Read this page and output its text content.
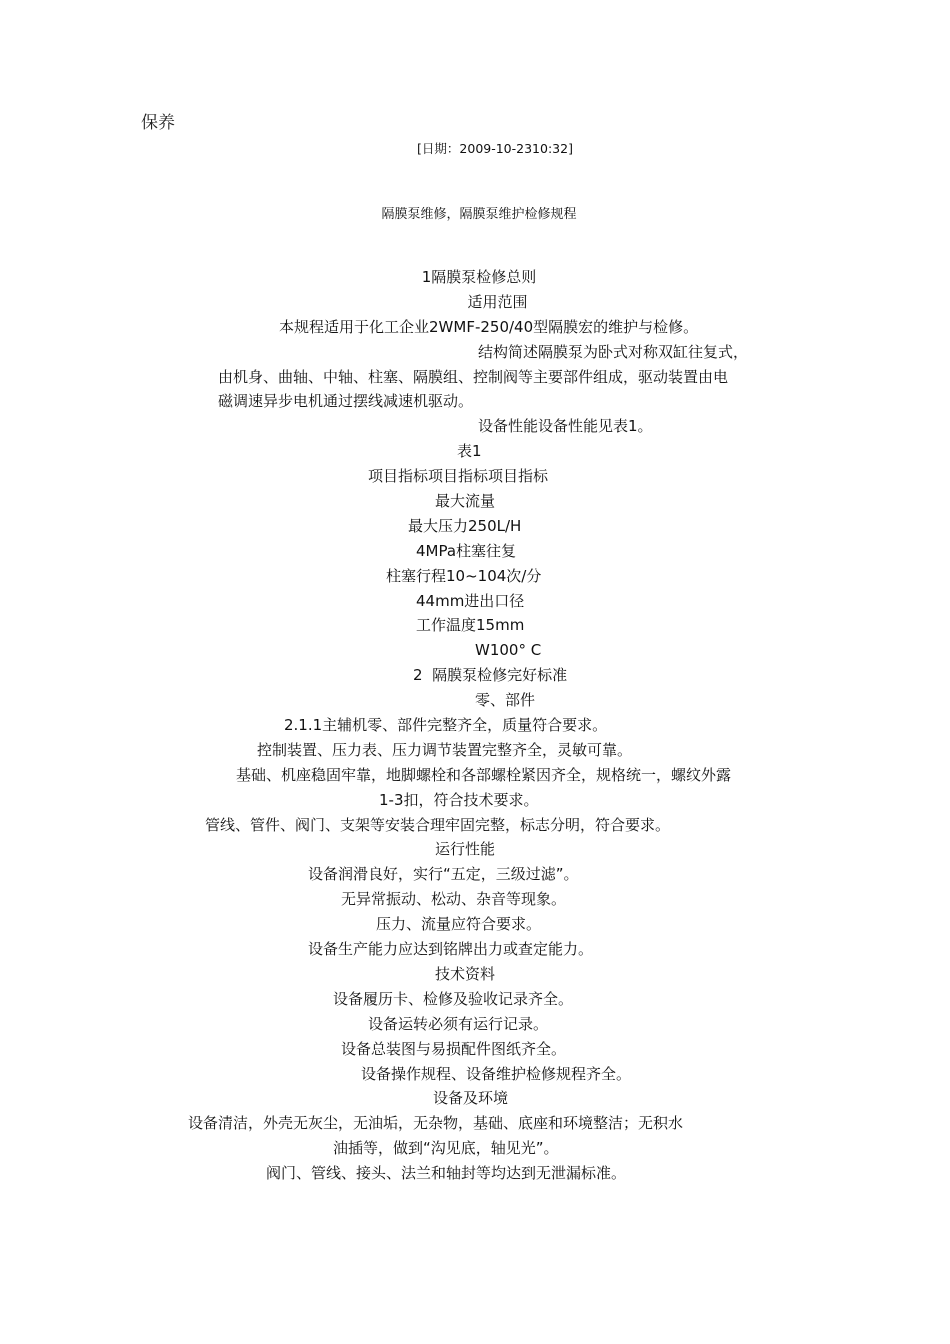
保养
[日期：2009-10-2310:32]
隔膜泵维修，隔膜泵维护检修规程
1隔膜泵检修总则
适用范围
本规程适用于化工企业2WMF-250/40型隔膜宏的维护与检修。
结构简述隔膜泵为卧式对称双缸往复式，
由机身、曲轴、中轴、柱塞、隔膜组、控制阀等主要部件组成，驱动装置由电
磁调速异步电机通过摆线减速机驱动。
设备性能设备性能见表1。
表1
项目指标项目指标项目指标
最大流量
最大压力250L/H
4MPa柱塞往复
柱塞行程10~104次/分
44mm进出口径
工作温度15mm
W100° C
2  隔膜泵检修完好标准
零、部件
2.1.1主辅机零、部件完整齐全，质量符合要求。
控制装置、压力表、压力调节装置完整齐全，灵敏可靠。
基础、机座稳固牢靠，地脚螺栓和各部螺栓紧因齐全，规格统一，螺纹外露
1-3扣，符合技术要求。
管线、管件、阀门、支架等安装合理牢固完整，标志分明，符合要求。
运行性能
设备润滑良好，实行“五定，三级过滤”。
无异常振动、松动、杂音等现象。
压力、流量应符合要求。
设备生产能力应达到铭牌出力或查定能力。
技术资料
设备履历卡、检修及验收记录齐全。
设备运转必须有运行记录。
设备总装图与易损配件图纸齐全。
设备操作规程、设备维护检修规程齐全。
设备及环境
设备清洁，外壳无灰尘，无油垢，无杂物，基础、底座和环境整洁；无积水
油插等，做到“沟见底，轴见光”。
阀门、管线、接头、法兰和轴封等均达到无泄漏标准。
